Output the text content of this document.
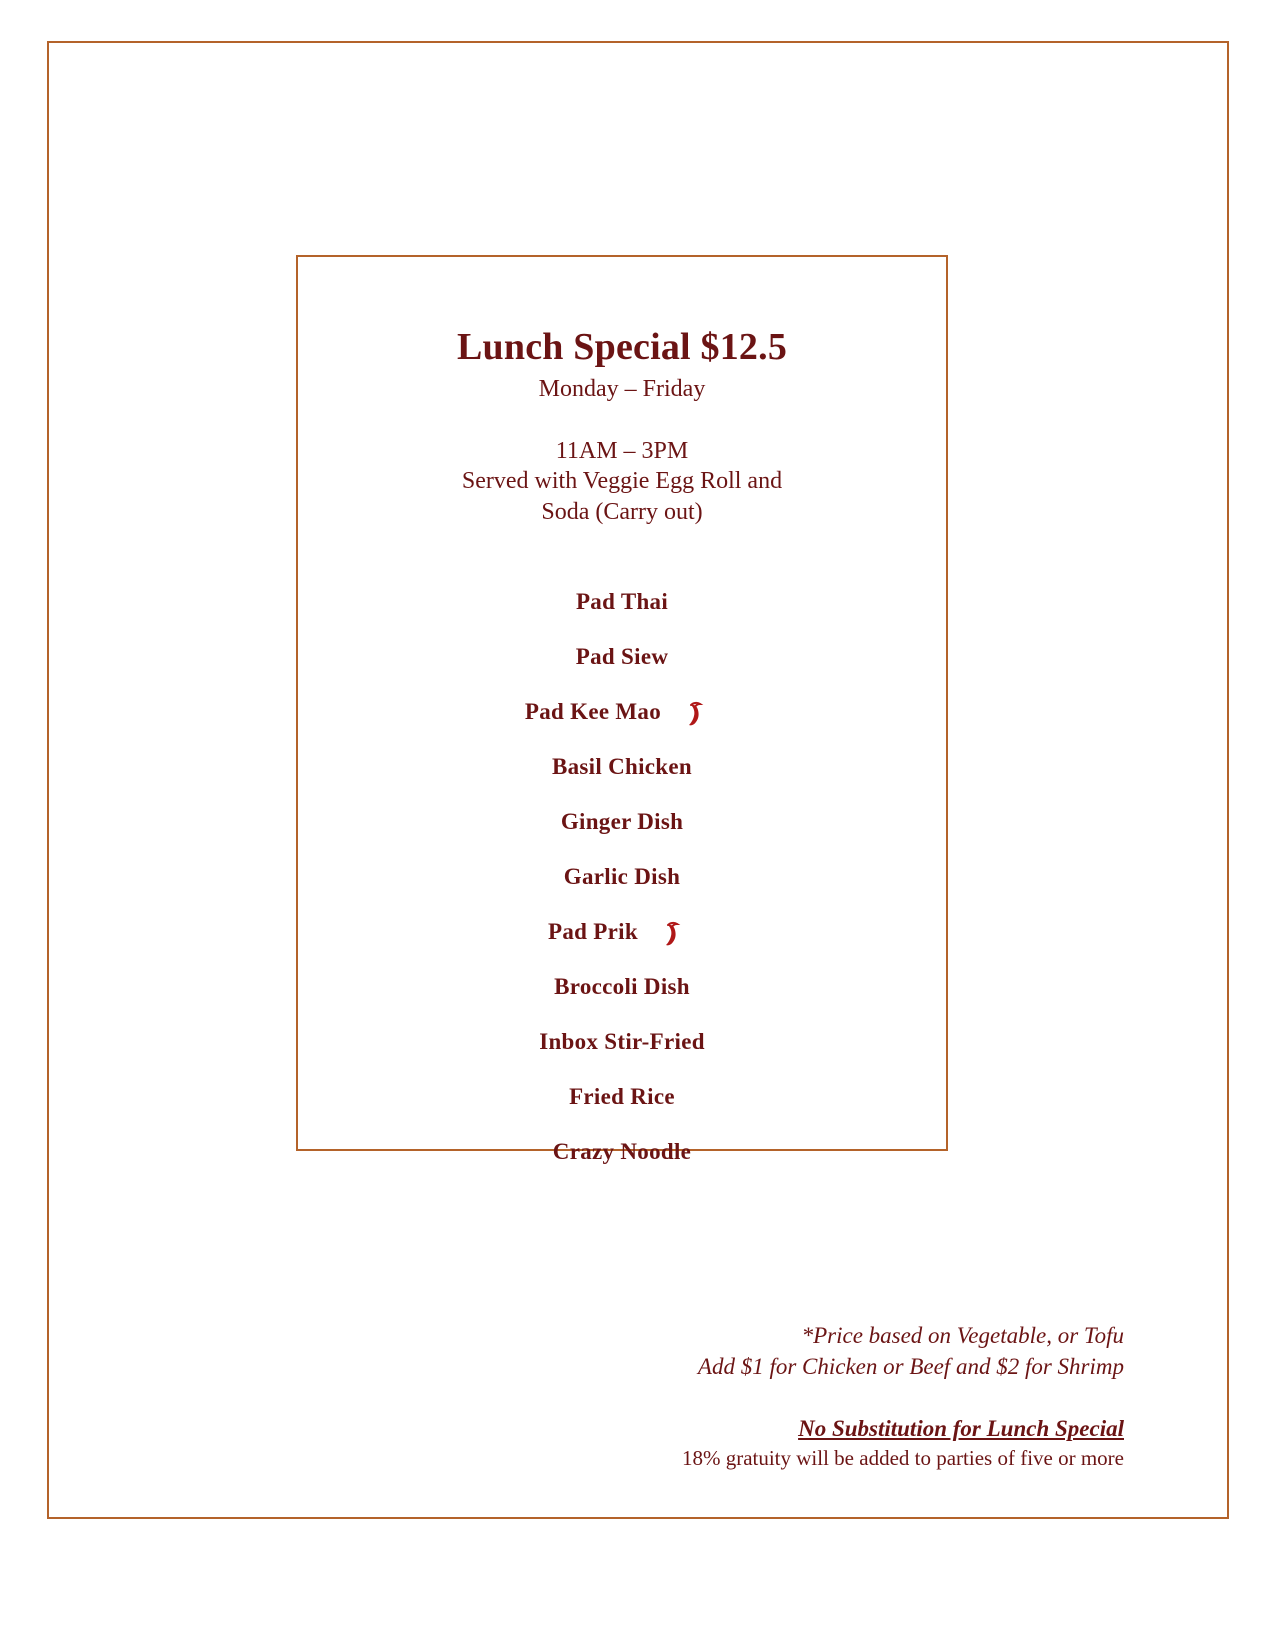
Lunch Special $12.5
Monday – Friday
11AM – 3PM
Served with Veggie Egg Roll and
Soda (Carry out)
Pad Thai
Pad Siew
Pad Kee Mao
Basil Chicken
Ginger Dish
Garlic Dish
Pad Prik
Broccoli Dish
Inbox Stir-Fried
Fried Rice
Crazy Noodle
*Price based on Vegetable, or Tofu
Add $1 for Chicken or Beef and $2 for Shrimp
No Substitution for Lunch Special
18% gratuity will be added to parties of five or more
